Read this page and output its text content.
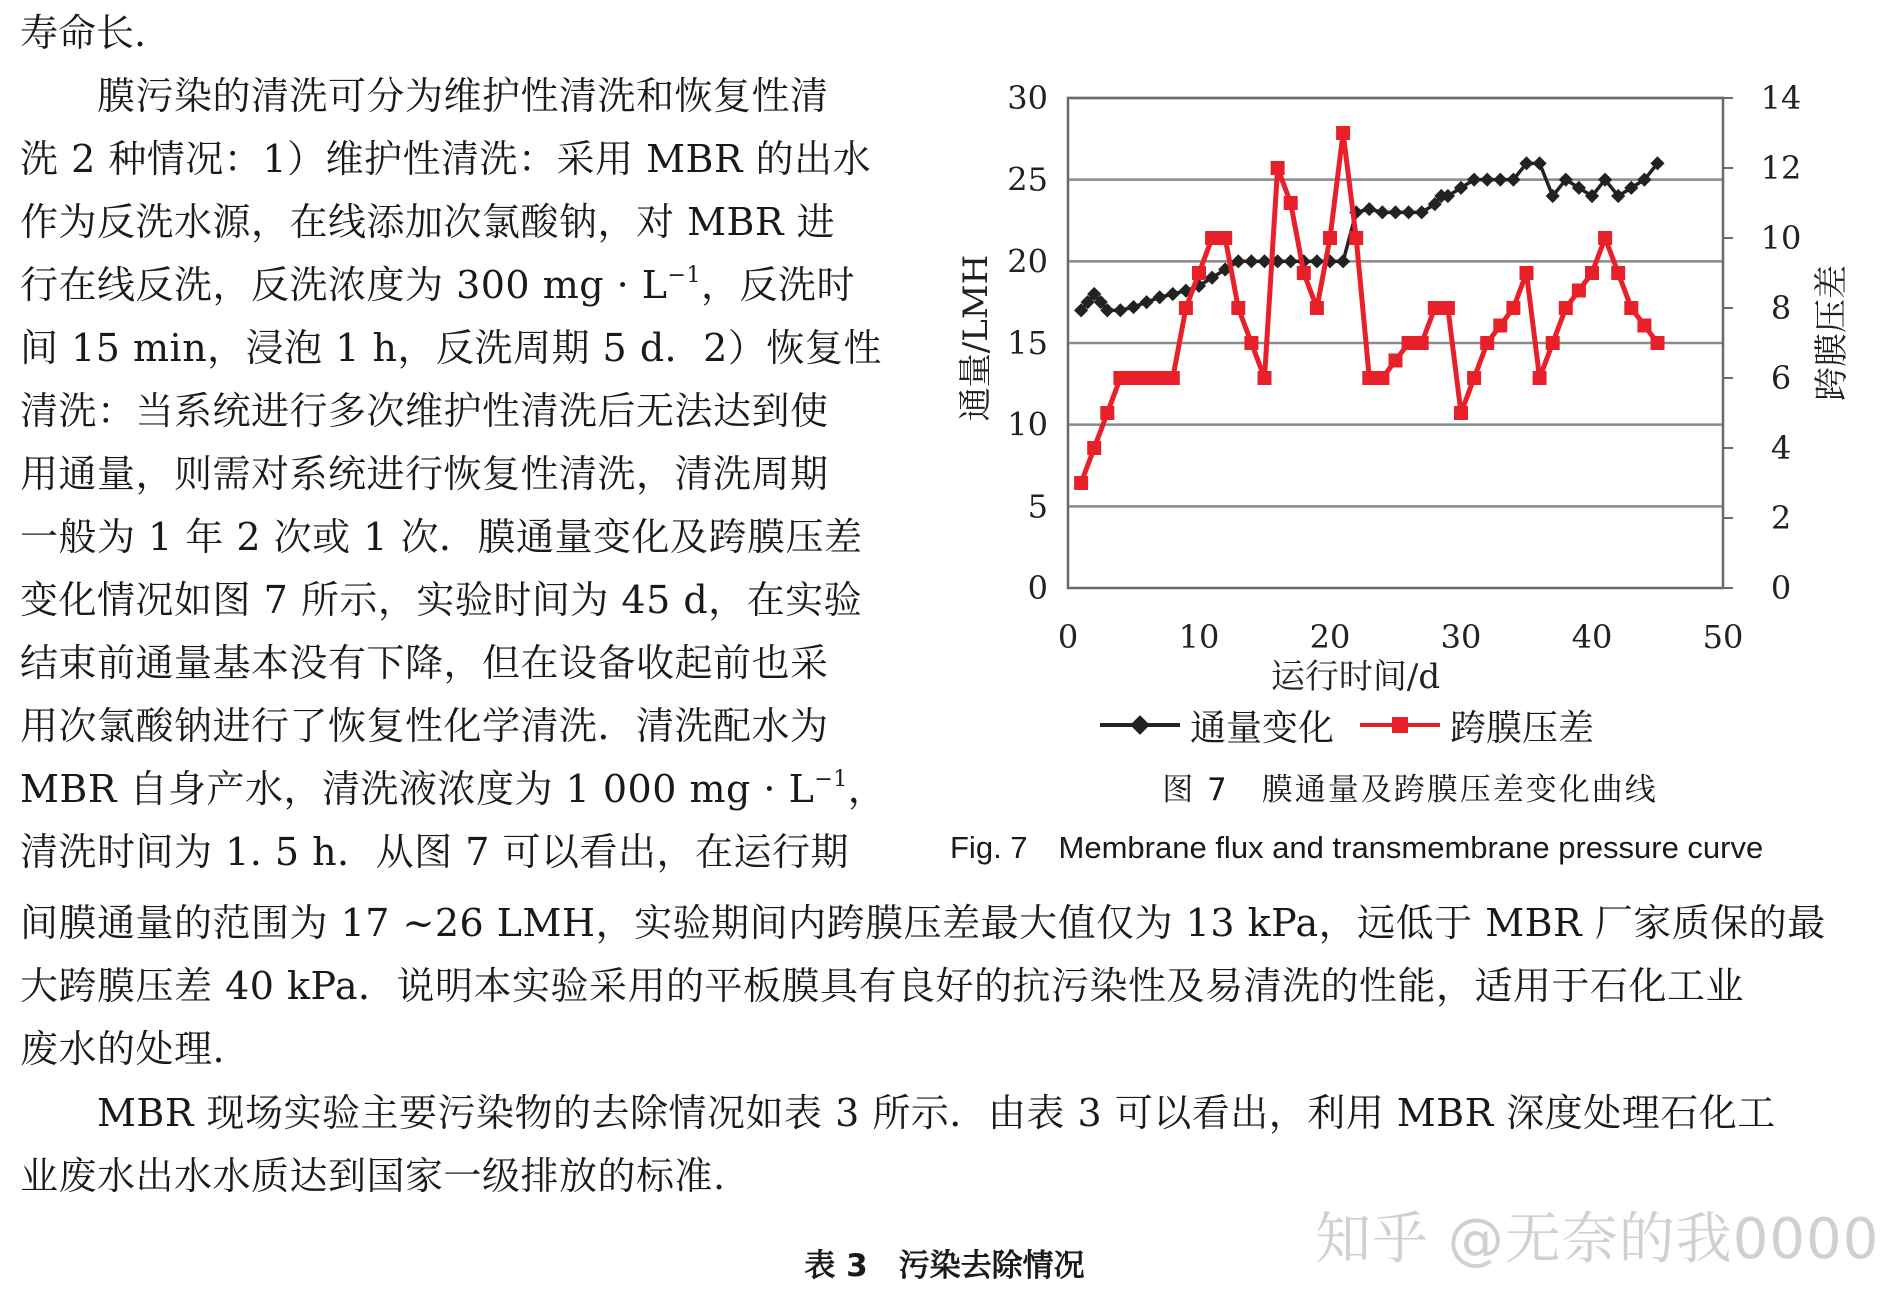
寿命长.

　　膜污染的清洗可分为维护性清洗和恢复性清

洗 2 种情况：1）维护性清洗：采用 MBR 的出水

作为反洗水源，在线添加次氯酸钠，对 MBR 进

行在线反洗，反洗浓度为 300 mg · $L^{-1}$，反洗时

间 15 min，浸泡 1 h，反洗周期 5 d．2）恢复性

清洗：当系统进行多次维护性清洗后无法达到使

用通量，则需对系统进行恢复性清洗，清洗周期

一般为 1 年 2 次或 1 次．膜通量变化及跨膜压差

变化情况如图 7 所示，实验时间为 45 d，在实验

结束前通量基本没有下降，但在设备收起前也采

用次氯酸钠进行了恢复性化学清洗．清洗配水为

MBR 自身产水，清洗液浓度为 1 000 mg · $L^{-1}$，

清洗时间为 1. 5 h．从图 7 可以看出，在运行期

间膜通量的范围为 17 ~26 LMH，实验期间内跨膜压差最大值仅为 13 kPa，远低于 MBR 厂家质保的最

大跨膜压差 40 kPa．说明本实验采用的平板膜具有良好的抗污染性及易清洗的性能，适用于石化工业

废水的处理.

　　MBR 现场实验主要污染物的去除情况如表 3 所示．由表 3 可以看出，利用 MBR 深度处理石化工

业废水出水水质达到国家一级排放的标准.

0
5
10
15
20
25
30
0
2
4
6
8
10
12
14
0	10	20	30	40	50
运行时间/d
通量/LMH	跨膜压差
通量变化	跨膜压差

图 7　膜通量及跨膜压差变化曲线

Fig. 7　Membrane flux and transmembrane pressure curve

知乎 @无奈的我0000

表 3　污染去除情况
